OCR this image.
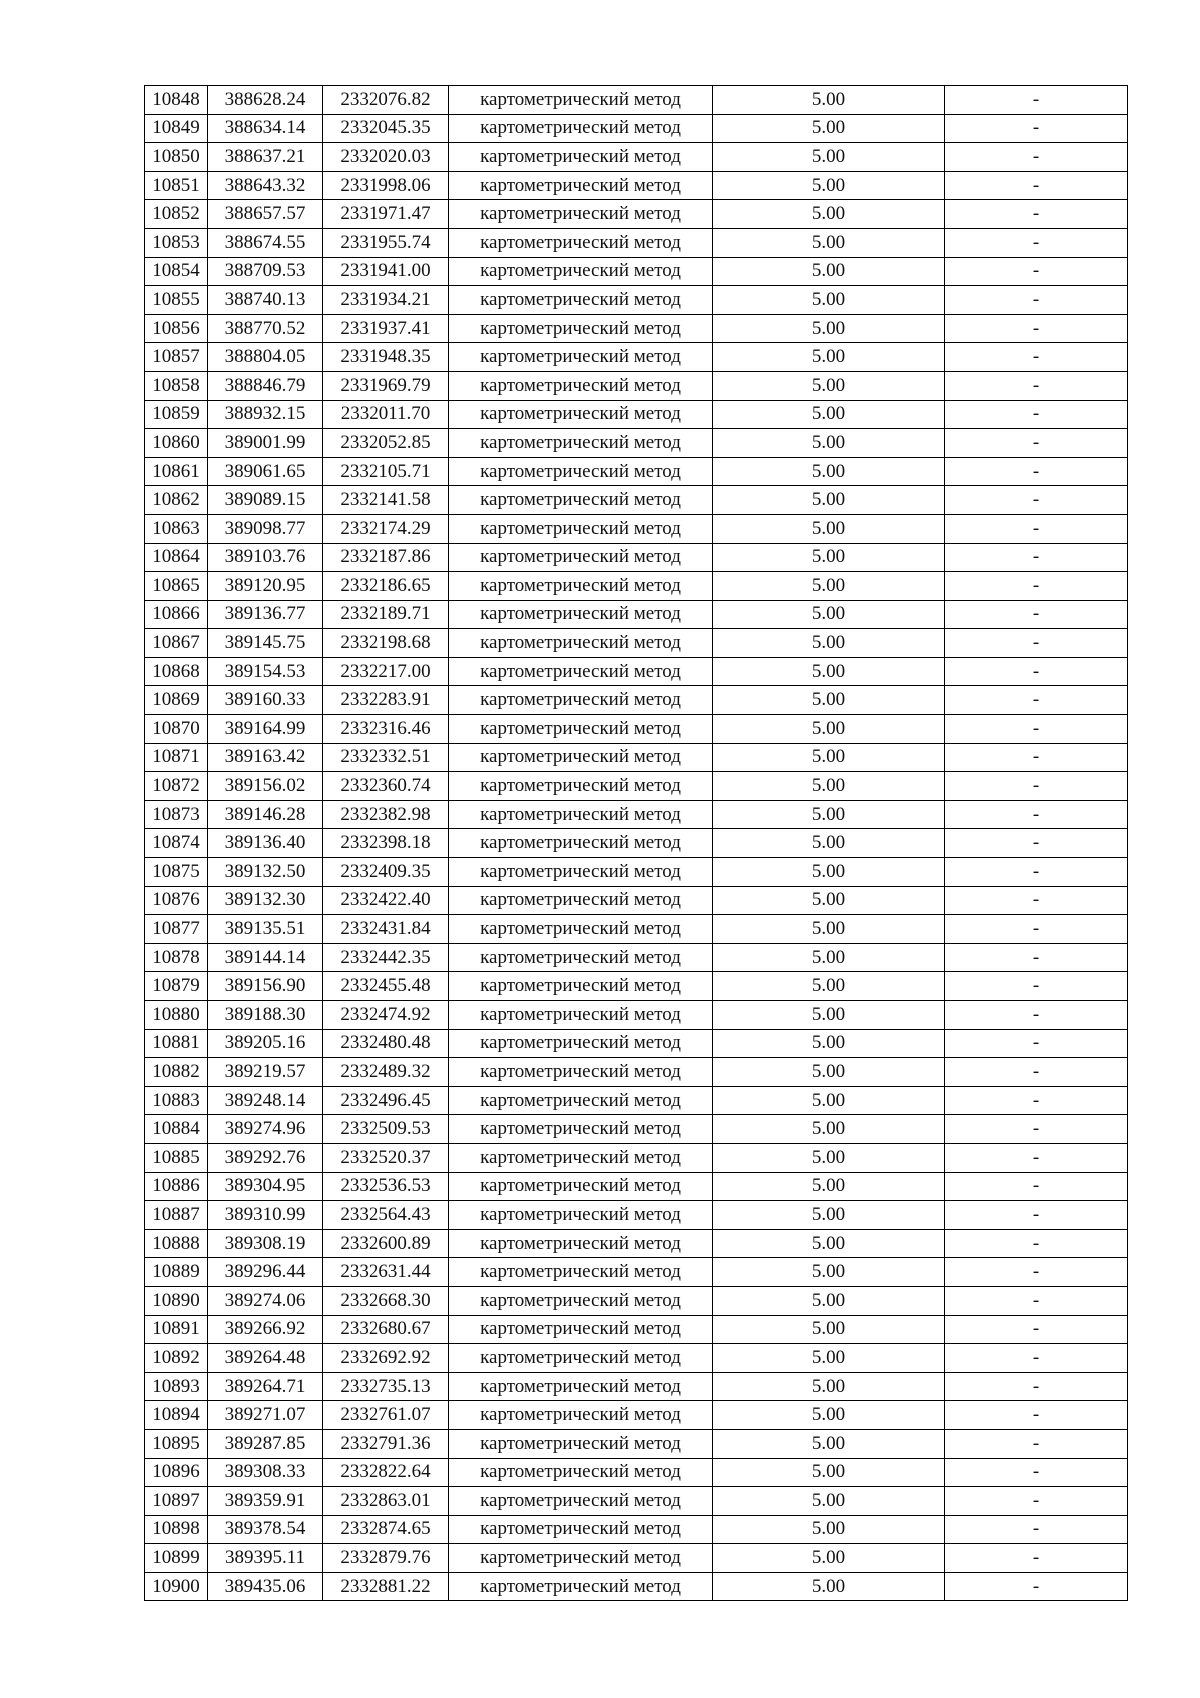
10848	388628.24	2332076.82	картометрический метод	5.00	-
10849	388634.14	2332045.35	картометрический метод	5.00	-
10850	388637.21	2332020.03	картометрический метод	5.00	-
10851	388643.32	2331998.06	картометрический метод	5.00	-
10852	388657.57	2331971.47	картометрический метод	5.00	-
10853	388674.55	2331955.74	картометрический метод	5.00	-
10854	388709.53	2331941.00	картометрический метод	5.00	-
10855	388740.13	2331934.21	картометрический метод	5.00	-
10856	388770.52	2331937.41	картометрический метод	5.00	-
10857	388804.05	2331948.35	картометрический метод	5.00	-
10858	388846.79	2331969.79	картометрический метод	5.00	-
10859	388932.15	2332011.70	картометрический метод	5.00	-
10860	389001.99	2332052.85	картометрический метод	5.00	-
10861	389061.65	2332105.71	картометрический метод	5.00	-
10862	389089.15	2332141.58	картометрический метод	5.00	-
10863	389098.77	2332174.29	картометрический метод	5.00	-
10864	389103.76	2332187.86	картометрический метод	5.00	-
10865	389120.95	2332186.65	картометрический метод	5.00	-
10866	389136.77	2332189.71	картометрический метод	5.00	-
10867	389145.75	2332198.68	картометрический метод	5.00	-
10868	389154.53	2332217.00	картометрический метод	5.00	-
10869	389160.33	2332283.91	картометрический метод	5.00	-
10870	389164.99	2332316.46	картометрический метод	5.00	-
10871	389163.42	2332332.51	картометрический метод	5.00	-
10872	389156.02	2332360.74	картометрический метод	5.00	-
10873	389146.28	2332382.98	картометрический метод	5.00	-
10874	389136.40	2332398.18	картометрический метод	5.00	-
10875	389132.50	2332409.35	картометрический метод	5.00	-
10876	389132.30	2332422.40	картометрический метод	5.00	-
10877	389135.51	2332431.84	картометрический метод	5.00	-
10878	389144.14	2332442.35	картометрический метод	5.00	-
10879	389156.90	2332455.48	картометрический метод	5.00	-
10880	389188.30	2332474.92	картометрический метод	5.00	-
10881	389205.16	2332480.48	картометрический метод	5.00	-
10882	389219.57	2332489.32	картометрический метод	5.00	-
10883	389248.14	2332496.45	картометрический метод	5.00	-
10884	389274.96	2332509.53	картометрический метод	5.00	-
10885	389292.76	2332520.37	картометрический метод	5.00	-
10886	389304.95	2332536.53	картометрический метод	5.00	-
10887	389310.99	2332564.43	картометрический метод	5.00	-
10888	389308.19	2332600.89	картометрический метод	5.00	-
10889	389296.44	2332631.44	картометрический метод	5.00	-
10890	389274.06	2332668.30	картометрический метод	5.00	-
10891	389266.92	2332680.67	картометрический метод	5.00	-
10892	389264.48	2332692.92	картометрический метод	5.00	-
10893	389264.71	2332735.13	картометрический метод	5.00	-
10894	389271.07	2332761.07	картометрический метод	5.00	-
10895	389287.85	2332791.36	картометрический метод	5.00	-
10896	389308.33	2332822.64	картометрический метод	5.00	-
10897	389359.91	2332863.01	картометрический метод	5.00	-
10898	389378.54	2332874.65	картометрический метод	5.00	-
10899	389395.11	2332879.76	картометрический метод	5.00	-
10900	389435.06	2332881.22	картометрический метод	5.00	-
